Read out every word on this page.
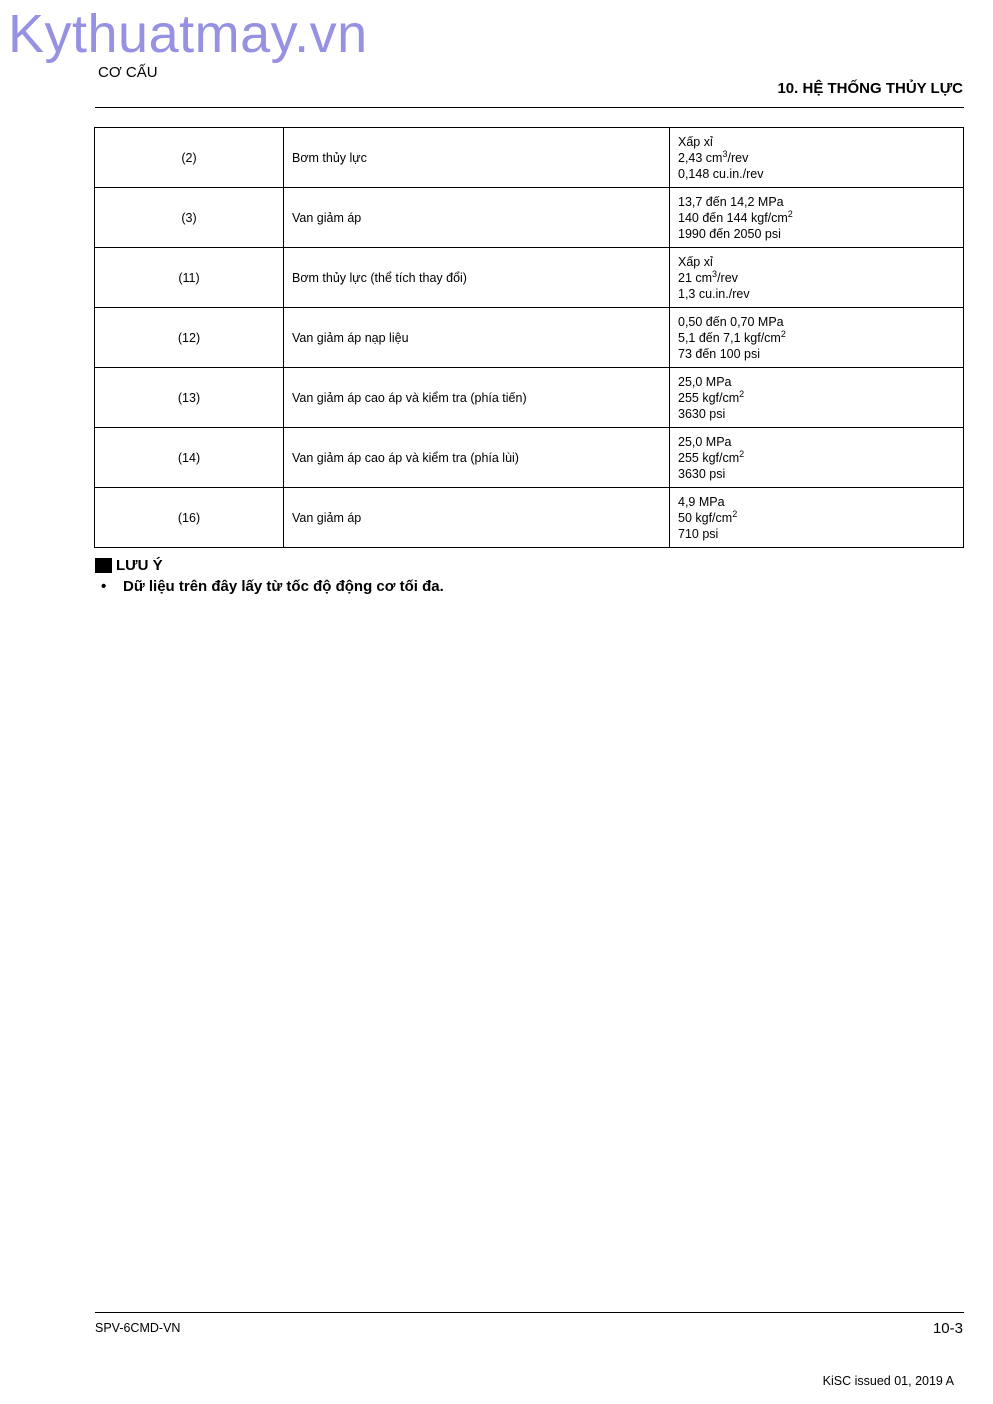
Kythuatmay.vn
CƠ CẤU
10. HỆ THỐNG THỦY LỰC
(2)	Bơm thủy lực	Xấp xỉ
2,43 $cm^3$/rev
0,148 cu.in./rev

(3)	Van giảm áp	13,7 đến 14,2 MPa
140 đến 144 kgf/$cm^2$
1990 đến 2050 psi

(11)	Bơm thủy lực (thể tích thay đổi)	Xấp xỉ
21 $cm^3$/rev
1,3 cu.in./rev

(12)	Van giảm áp nạp liệu	0,50 đến 0,70 MPa
5,1 đến 7,1 kgf/$cm^2$
73 đến 100 psi

(13)	Van giảm áp cao áp và kiểm tra (phía tiến)	25,0 MPa
255 kgf/$cm^2$
3630 psi

(14)	Van giảm áp cao áp và kiểm tra (phía lùi)	25,0 MPa
255 kgf/$cm^2$
3630 psi

(16)	Van giảm áp	4,9 MPa
50 kgf/$cm^2$
710 psi
LƯU Ý
•	Dữ liệu trên đây lấy từ tốc độ động cơ tối đa.
SPV-6CMD-VN	10-3
KiSC issued 01, 2019 A
